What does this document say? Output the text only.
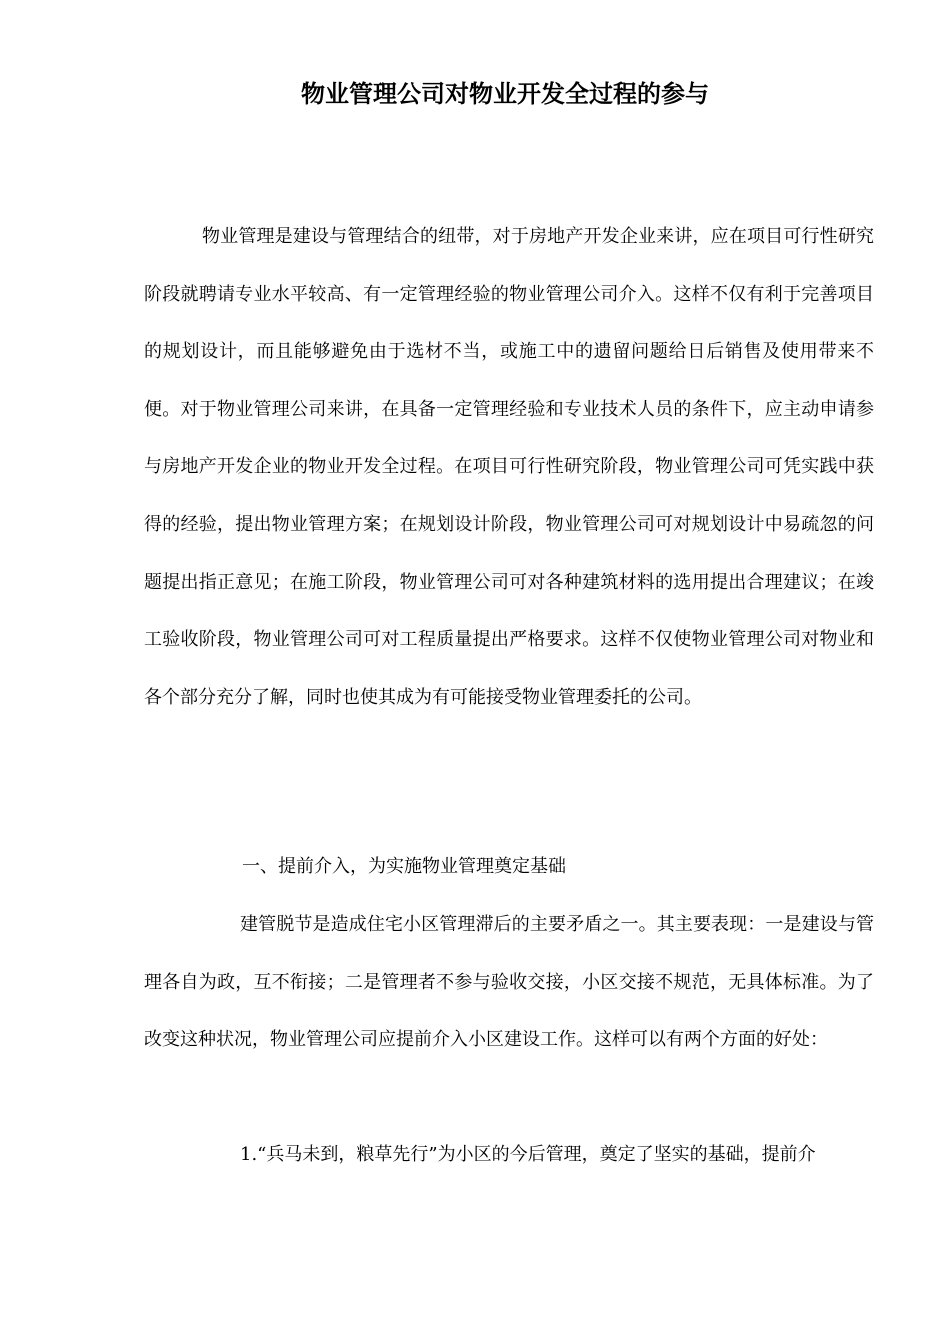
物业管理公司对物业开发全过程的参与

物业管理是建设与管理结合的纽带，对于房地产开发企业来讲，应在项目可行性研究阶段就聘请专业水平较高、有一定管理经验的物业管理公司介入。这样不仅有利于完善项目的规划设计，而且能够避免由于选材不当，或施工中的遗留问题给日后销售及使用带来不便。对于物业管理公司来讲，在具备一定管理经验和专业技术人员的条件下，应主动申请参与房地产开发企业的物业开发全过程。在项目可行性研究阶段，物业管理公司可凭实践中获得的经验，提出物业管理方案；在规划设计阶段，物业管理公司可对规划设计中易疏忽的问题提出指正意见；在施工阶段，物业管理公司可对各种建筑材料的选用提出合理建议；在竣工验收阶段，物业管理公司可对工程质量提出严格要求。这样不仅使物业管理公司对物业和各个部分充分了解，同时也使其成为有可能接受物业管理委托的公司。

一、提前介入，为实施物业管理奠定基础

建管脱节是造成住宅小区管理滞后的主要矛盾之一。其主要表现：一是建设与管理各自为政，互不衔接；二是管理者不参与验收交接，小区交接不规范，无具体标准。为了改变这种状况，物业管理公司应提前介入小区建设工作。这样可以有两个方面的好处：

1.“兵马未到，粮草先行”为小区的今后管理，奠定了坚实的基础，提前介
